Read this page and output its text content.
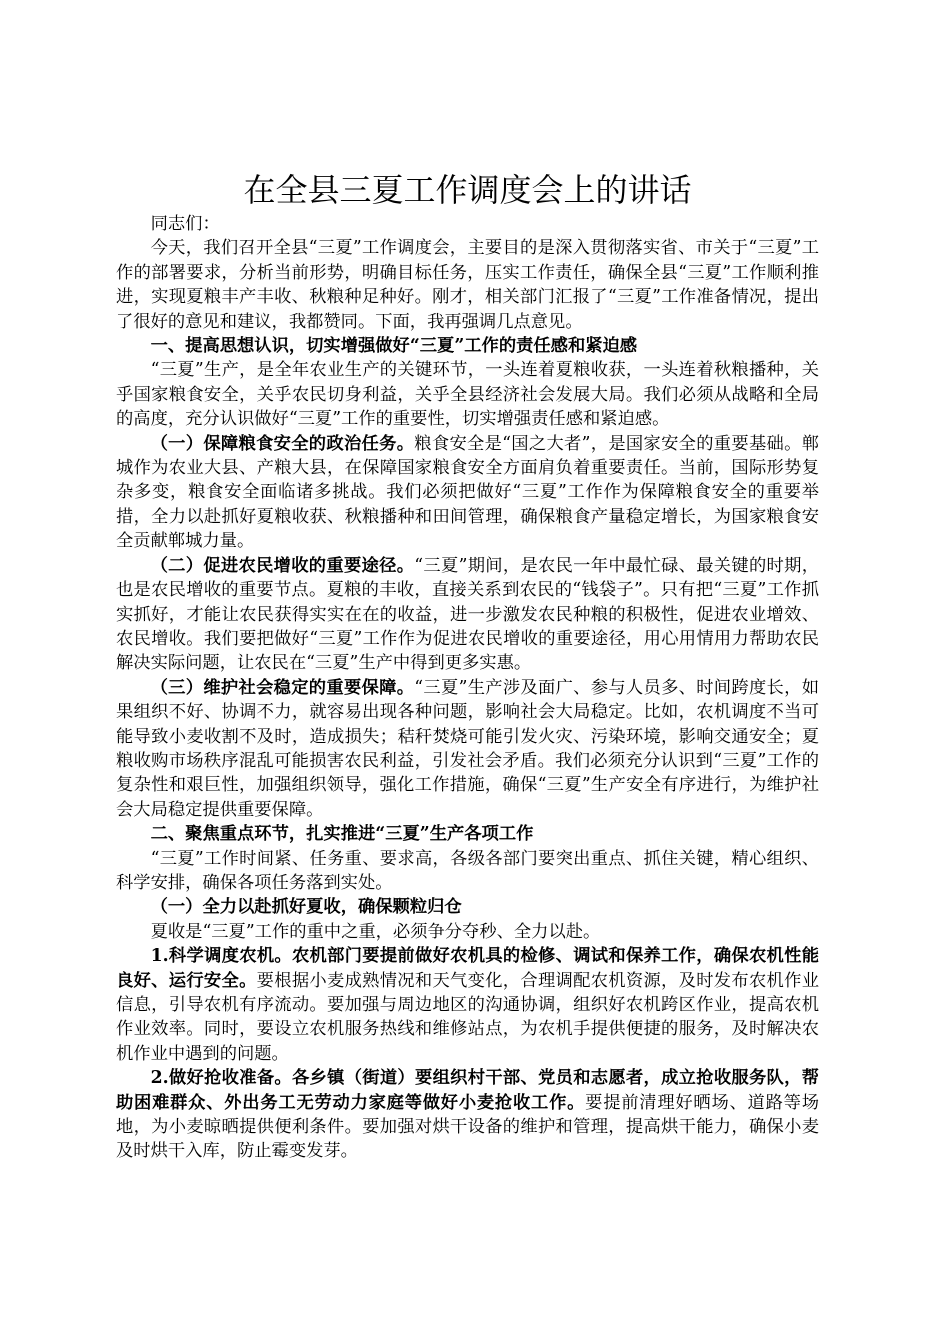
在全县三夏工作调度会上的讲话

同志们：

今天，我们召开全县“三夏”工作调度会，主要目的是深入贯彻落实省、市关于“三夏”工作的部署要求，分析当前形势，明确目标任务，压实工作责任，确保全县“三夏”工作顺利推进，实现夏粮丰产丰收、秋粮种足种好。刚才，相关部门汇报了“三夏”工作准备情况，提出了很好的意见和建议，我都赞同。下面，我再强调几点意见。

一、提高思想认识，切实增强做好“三夏”工作的责任感和紧迫感

“三夏”生产，是全年农业生产的关键环节，一头连着夏粮收获，一头连着秋粮播种，关乎国家粮食安全，关乎农民切身利益，关乎全县经济社会发展大局。我们必须从战略和全局的高度，充分认识做好“三夏”工作的重要性，切实增强责任感和紧迫感。

（一）保障粮食安全的政治任务。粮食安全是“国之大者”，是国家安全的重要基础。郸城作为农业大县、产粮大县，在保障国家粮食安全方面肩负着重要责任。当前，国际形势复杂多变，粮食安全面临诸多挑战。我们必须把做好“三夏”工作作为保障粮食安全的重要举措，全力以赴抓好夏粮收获、秋粮播种和田间管理，确保粮食产量稳定增长，为国家粮食安全贡献郸城力量。

（二）促进农民增收的重要途径。“三夏”期间，是农民一年中最忙碌、最关键的时期，也是农民增收的重要节点。夏粮的丰收，直接关系到农民的“钱袋子”。只有把“三夏”工作抓实抓好，才能让农民获得实实在在的收益，进一步激发农民种粮的积极性，促进农业增效、农民增收。我们要把做好“三夏”工作作为促进农民增收的重要途径，用心用情用力帮助农民解决实际问题，让农民在“三夏”生产中得到更多实惠。

（三）维护社会稳定的重要保障。“三夏”生产涉及面广、参与人员多、时间跨度长，如果组织不好、协调不力，就容易出现各种问题，影响社会大局稳定。比如，农机调度不当可能导致小麦收割不及时，造成损失；秸秆焚烧可能引发火灾、污染环境，影响交通安全；夏粮收购市场秩序混乱可能损害农民利益，引发社会矛盾。我们必须充分认识到“三夏”工作的复杂性和艰巨性，加强组织领导，强化工作措施，确保“三夏”生产安全有序进行，为维护社会大局稳定提供重要保障。

二、聚焦重点环节，扎实推进“三夏”生产各项工作

“三夏”工作时间紧、任务重、要求高，各级各部门要突出重点、抓住关键，精心组织、科学安排，确保各项任务落到实处。

（一）全力以赴抓好夏收，确保颗粒归仓

夏收是“三夏”工作的重中之重，必须争分夺秒、全力以赴。

1.科学调度农机。农机部门要提前做好农机具的检修、调试和保养工作，确保农机性能良好、运行安全。要根据小麦成熟情况和天气变化，合理调配农机资源，及时发布农机作业信息，引导农机有序流动。要加强与周边地区的沟通协调，组织好农机跨区作业，提高农机作业效率。同时，要设立农机服务热线和维修站点，为农机手提供便捷的服务，及时解决农机作业中遇到的问题。

2.做好抢收准备。各乡镇（街道）要组织村干部、党员和志愿者，成立抢收服务队，帮助困难群众、外出务工无劳动力家庭等做好小麦抢收工作。要提前清理好晒场、道路等场地，为小麦晾晒提供便利条件。要加强对烘干设备的维护和管理，提高烘干能力，确保小麦及时烘干入库，防止霉变发芽。
